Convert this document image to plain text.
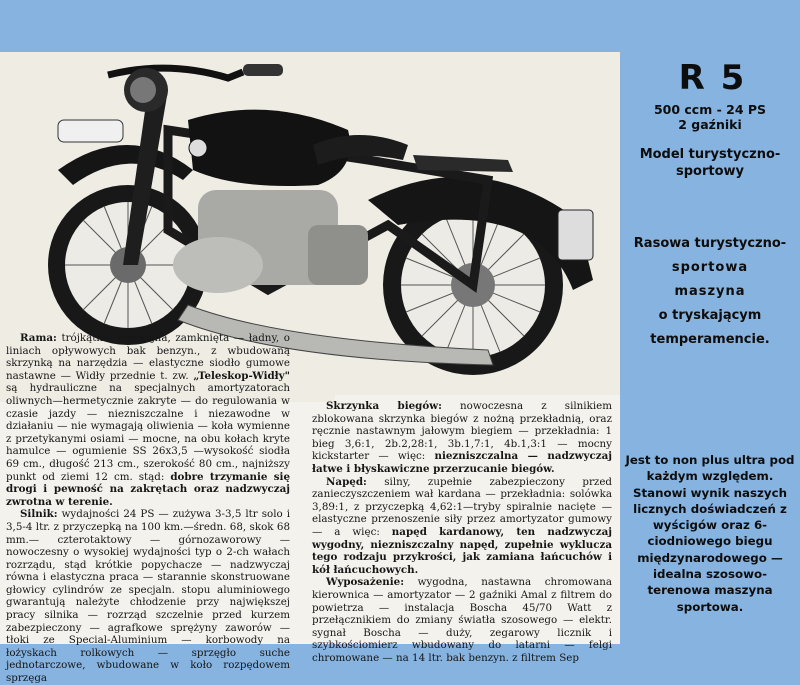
R 5
500 ccm - 24 PS
2 gaźniki
Model turystyczno-sportowy
Rasowa turystyczno-
sportowa
maszyna
o tryskającym
temperamencie.
Jest to non plus ultra pod każdym względem. Stanowi wynik naszych licznych doświadczeń z wyścigów oraz 6-ciodniowego biegu międzynarodowego — idealna szosowo-terenowa maszyna sportowa.

Rama: trójkątna, podwójna, zamknięta — ładny, o liniach opływowych bak benzyn., z wbudowaną skrzynką na narzędzia — elastyczne siodło gumowe nastawne — Widły przednie t. zw. „Teleskop-Widły" są hydrauliczne na specjalnych amortyzatorach oliwnych—hermetycznie zakryte — do regulowania w czasie jazdy — niezniszczalne i niezawodne w działaniu — nie wymagają oliwienia — koła wymienne z przetykanymi osiami — mocne, na obu kołach kryte hamulce — ogumienie SS 26x3,5 —wysokość siodła 69 cm., długość 213 cm., szerokość 80 cm., najniższy punkt od ziemi 12 cm. stąd: dobre trzymanie się drogi i pewność na zakrętach oraz nadzwyczaj zwrotna w terenie.

Silnik: wydajności 24 PS — zużywa 3-3,5 ltr solo i 3,5-4 ltr. z przyczepką na 100 km.—średn. 68, skok 68 mm.— czterotaktowy — górnozaworowy — nowoczesny o wysokiej wydajności typ o 2-ch wałach rozrządu, stąd krótkie popychacze — nadzwyczaj równa i elastyczna praca — starannie skonstruowane głowicy cylindrów ze specjaln. stopu aluminiowego gwarantują należyte chłodzenie przy największej pracy silnika — rozrząd szczelnie przed kurzem zabezpieczony — agrafkowe sprężyny zaworów — tłoki ze Special-Aluminium — korbowody na łożyskach rolkowych — sprzęgło suche jednotarczowe, wbudowane w koło rozpędowem sprzęga

Skrzynka biegów: nowoczesna z silnikiem zblokowana skrzynka biegów z nożną przekładnią, oraz ręcznie nastawnym jałowym biegiem — przekładnia: 1 bieg 3,6:1, 2b.2,28:1, 3b.1,7:1, 4b.1,3:1 — mocny kickstarter — więc: niezniszczalna — nadzwyczaj łatwe i błyskawiczne przerzucanie biegów.

Napęd: silny, zupełnie zabezpieczony przed zanieczyszczeniem wał kardana — przekładnia: solówka 3,89:1, z przyczepką 4,62:1—tryby spiralnie nacięte — elastyczne przenoszenie siły przez amortyzator gumowy — a więc: napęd kardanowy, ten nadzwyczaj wygodny, niezniszczalny napęd, zupełnie wyklucza tego rodzaju przykrości, jak zamiana łańcuchów i kół łańcuchowych.

Wyposażenie: wygodna, nastawna chromowana kierownica — amortyzator — 2 gaźniki Amal z filtrem do powietrza — instalacja Boscha 45/70 Watt z przełącznikiem do zmiany światła szosowego — elektr. sygnał Boscha — duży, zegarowy licznik i szybkościomierz wbudowany do latarni — felgi chromowane — na 14 ltr. bak benzyn. z filtrem Sep
